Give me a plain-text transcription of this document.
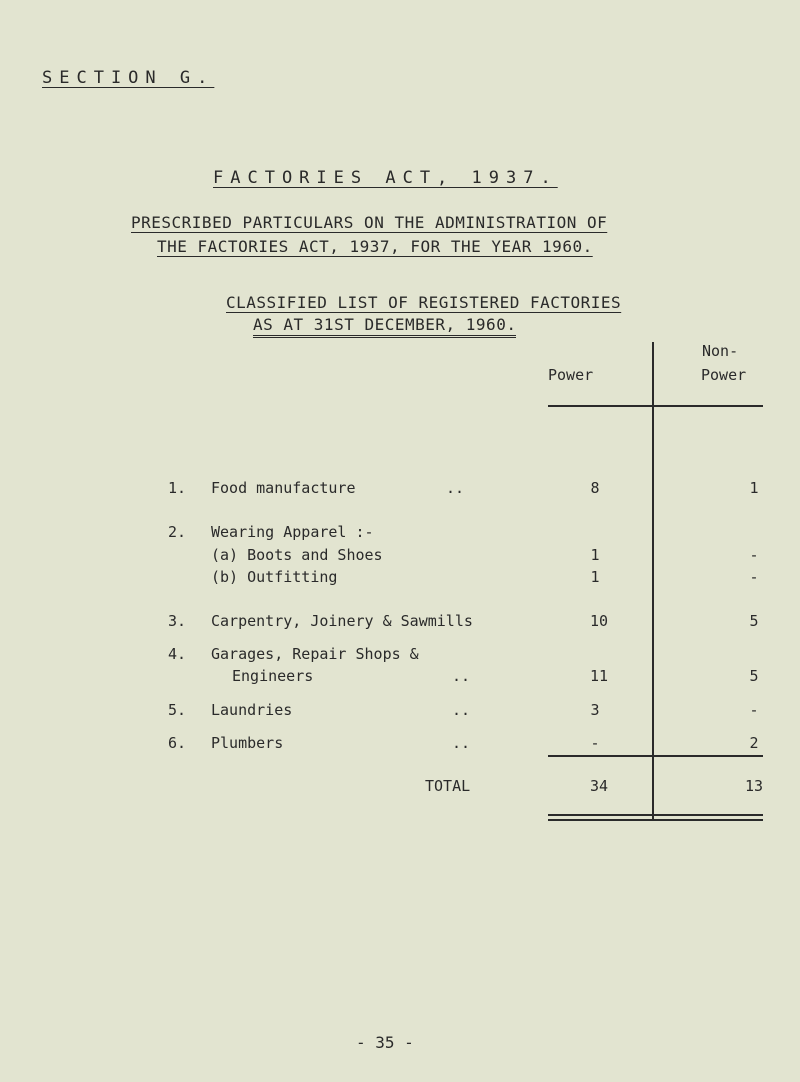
SECTION G.
FACTORIES ACT, 1937.
PRESCRIBED PARTICULARS ON THE ADMINISTRATION OF
THE FACTORIES ACT, 1937, FOR THE YEAR 1960.
CLASSIFIED LIST OF REGISTERED FACTORIES
AS AT 31ST DECEMBER, 1960.
Power
Non-
Power
1. Food manufacture	..	8	1
2. Wearing Apparel :-
(a) Boots and Shoes	1	-
(b) Outfitting	1	-
3. Carpentry, Joinery & Sawmills	10	5
4. Garages, Repair Shops &
Engineers	..	11	5
5. Laundries	..	3	-
6. Plumbers	..	-	2
TOTAL	34	13
- 35 -
